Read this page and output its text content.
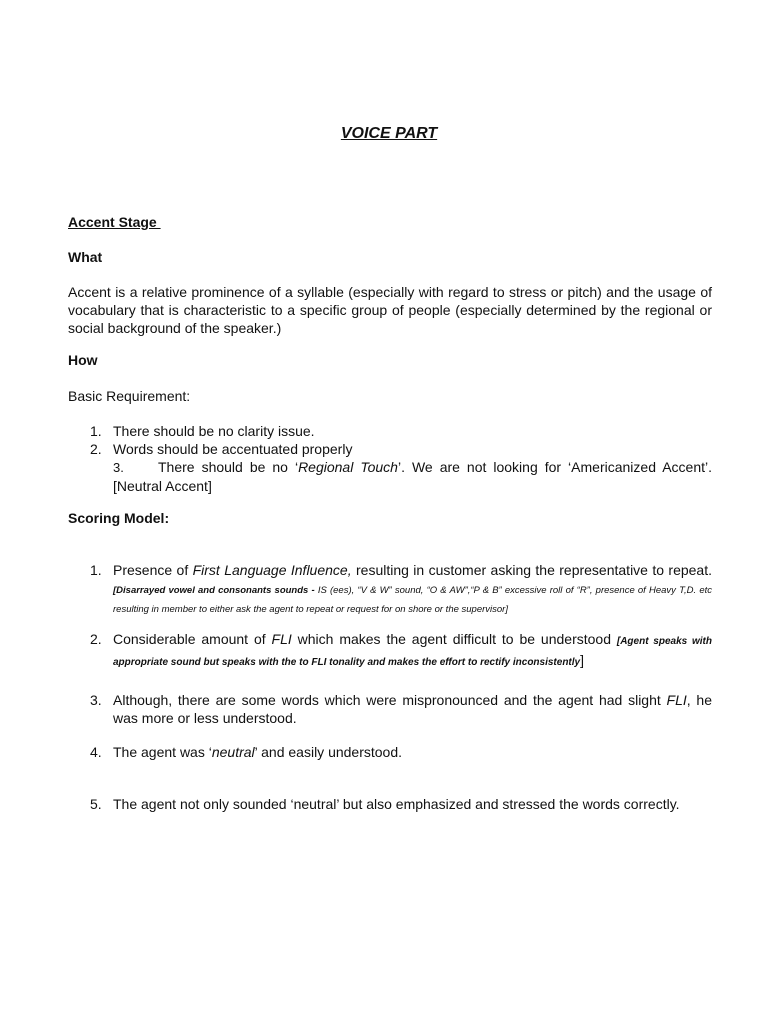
VOICE PART
Accent Stage
What
Accent is a relative prominence of a syllable (especially with regard to stress or pitch) and the usage of vocabulary that is characteristic to a specific group of people (especially determined by the regional or social background of the speaker.)
How
Basic Requirement:
1. There should be no clarity issue.
2. Words should be accentuated properly
3. There should be no ‘Regional Touch’. We are not looking for ‘Americanized Accent’. [Neutral Accent]
Scoring Model:
1. Presence of First Language Influence, resulting in customer asking the representative to repeat. [Disarrayed vowel and consonants sounds - IS (ees), “V & W” sound, “O & AW”,“P & B” excessive roll of “R”, presence of Heavy T,D. etc resulting in member to either ask the agent to repeat or request for on shore or the supervisor]
2. Considerable amount of FLI which makes the agent difficult to be understood [Agent speaks with appropriate sound but speaks with the to FLI tonality and makes the effort to rectify inconsistently]
3. Although, there are some words which were mispronounced and the agent had slight FLI, he was more or less understood.
4. The agent was ‘neutral’ and easily understood.
5. The agent not only sounded ‘neutral’ but also emphasized and stressed the words correctly.
